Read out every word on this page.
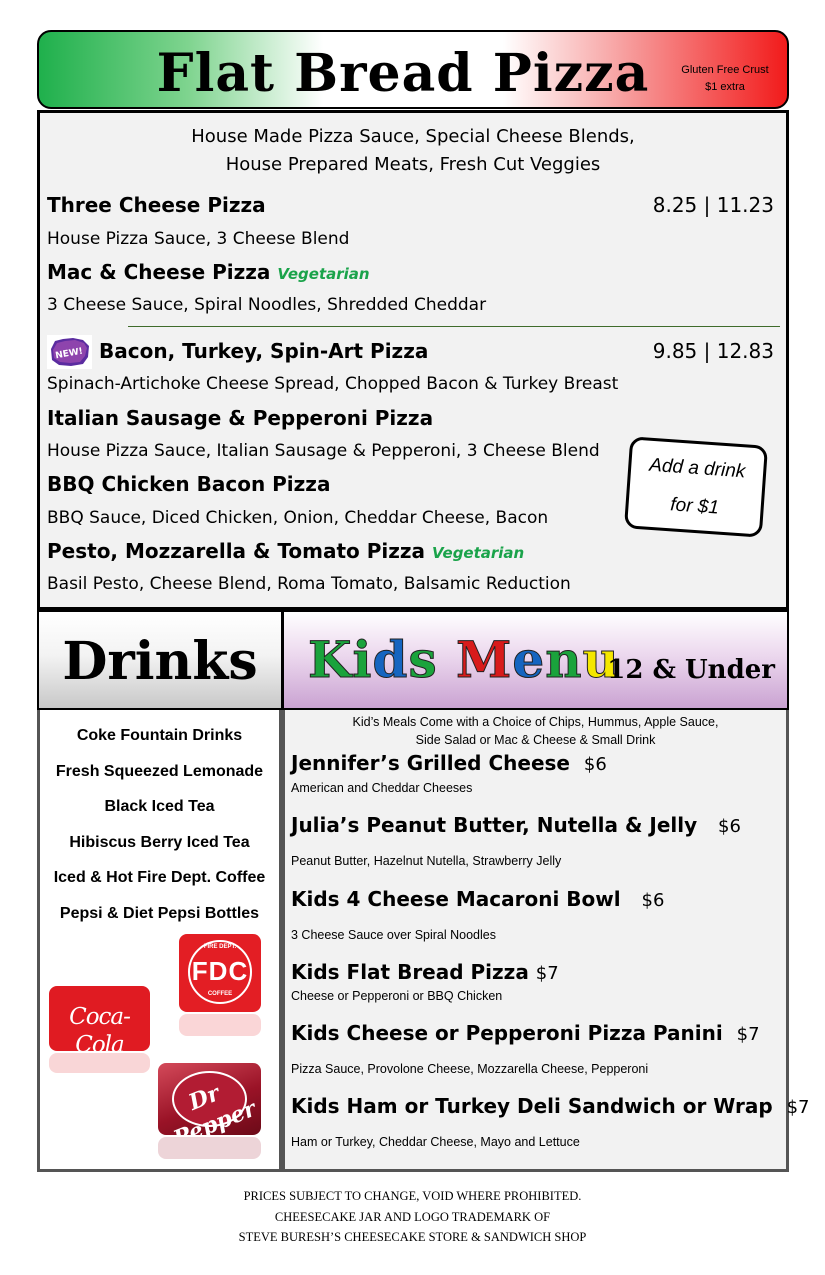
Flat Bread Pizza	Gluten Free Crust
$1 extra
House Made Pizza Sauce, Special Cheese Blends,
House Prepared Meats, Fresh Cut Veggies
8.25 | 11.23
Three Cheese Pizza
House Pizza Sauce, 3 Cheese Blend
Mac & Cheese Pizza Vegetarian
3 Cheese Sauce, Spiral Noodles, Shredded Cheddar
NEW!	9.85 | 12.83
Bacon, Turkey, Spin-Art Pizza
Spinach-Artichoke Cheese Spread, Chopped Bacon & Turkey Breast
Italian Sausage & Pepperoni Pizza
House Pizza Sauce, Italian Sausage & Pepperoni, 3 Cheese Blend
BBQ Chicken Bacon Pizza
BBQ Sauce, Diced Chicken, Onion, Cheddar Cheese, Bacon
Pesto, Mozzarella & Tomato Pizza Vegetarian
Basil Pesto, Cheese Blend, Roma Tomato, Balsamic Reduction
Add a drink
for $1
Drinks	Kids Menu
12 & Under
Coke Fountain Drinks
Fresh Squeezed Lemonade
Black Iced Tea
Hibiscus Berry Iced Tea
Iced & Hot Fire Dept. Coffee
Pepsi & Diet Pepsi Bottles
FIRE DEPT.
FDC
COFFEE
Coca-Cola
Dr Pepper
Kid’s Meals Come with a Choice of Chips, Hummus, Apple Sauce,
Side Salad or Mac & Cheese & Small Drink
Jennifer’s Grilled Cheese $6
American and Cheddar Cheeses
Julia’s Peanut Butter, Nutella & Jelly $6
Peanut Butter, Hazelnut Nutella, Strawberry Jelly
Kids 4 Cheese Macaroni Bowl $6
3 Cheese Sauce over Spiral Noodles
Kids Flat Bread Pizza $7
Cheese or Pepperoni or BBQ Chicken
Kids Cheese or Pepperoni Pizza Panini $7
Pizza Sauce, Provolone Cheese, Mozzarella Cheese, Pepperoni
Kids Ham or Turkey Deli Sandwich or Wrap $7
Ham or Turkey, Cheddar Cheese, Mayo and Lettuce
PRICES SUBJECT TO CHANGE, VOID WHERE PROHIBITED.
CHEESECAKE JAR AND LOGO TRADEMARK OF
STEVE BURESH’S CHEESECAKE STORE & SANDWICH SHOP
